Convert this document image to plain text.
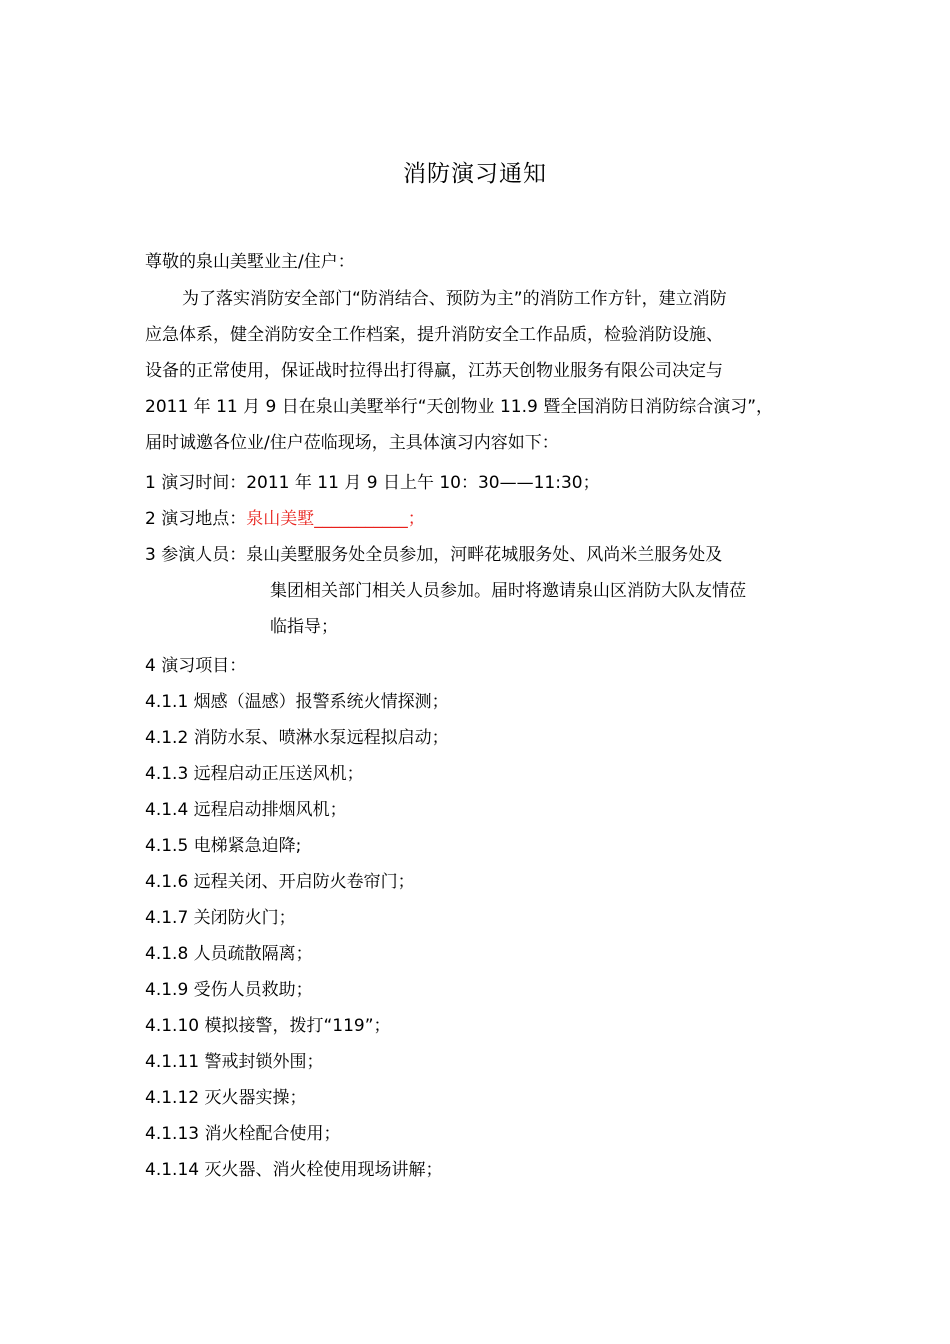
消防演习通知
尊敬的泉山美墅业主/住户：
为了落实消防安全部门“防消结合、预防为主”的消防工作方针，建立消防
应急体系，健全消防安全工作档案，提升消防安全工作品质，检验消防设施、
设备的正常使用，保证战时拉得出打得赢，江苏天创物业服务有限公司决定与
2011 年 11 月 9 日在泉山美墅举行“天创物业 11.9 暨全国消防日消防综合演习”，
届时诚邀各位业/住户莅临现场，主具体演习内容如下：
1 演习时间：2011 年 11 月 9 日上午 10：30——11:30；
2 演习地点：泉山美墅___________；
3 参演人员：泉山美墅服务处全员参加，河畔花城服务处、风尚米兰服务处及
集团相关部门相关人员参加。届时将邀请泉山区消防大队友情莅
临指导；
4 演习项目：
4.1.1 烟感（温感）报警系统火情探测；
4.1.2 消防水泵、喷淋水泵远程拟启动；
4.1.3 远程启动正压送风机；
4.1.4 远程启动排烟风机；
4.1.5 电梯紧急迫降;
4.1.6 远程关闭、开启防火卷帘门；
4.1.7 关闭防火门；
4.1.8 人员疏散隔离；
4.1.9 受伤人员救助；
4.1.10 模拟接警，拨打“119”；
4.1.11 警戒封锁外围；
4.1.12 灭火器实操；
4.1.13 消火栓配合使用；
4.1.14 灭火器、消火栓使用现场讲解；
